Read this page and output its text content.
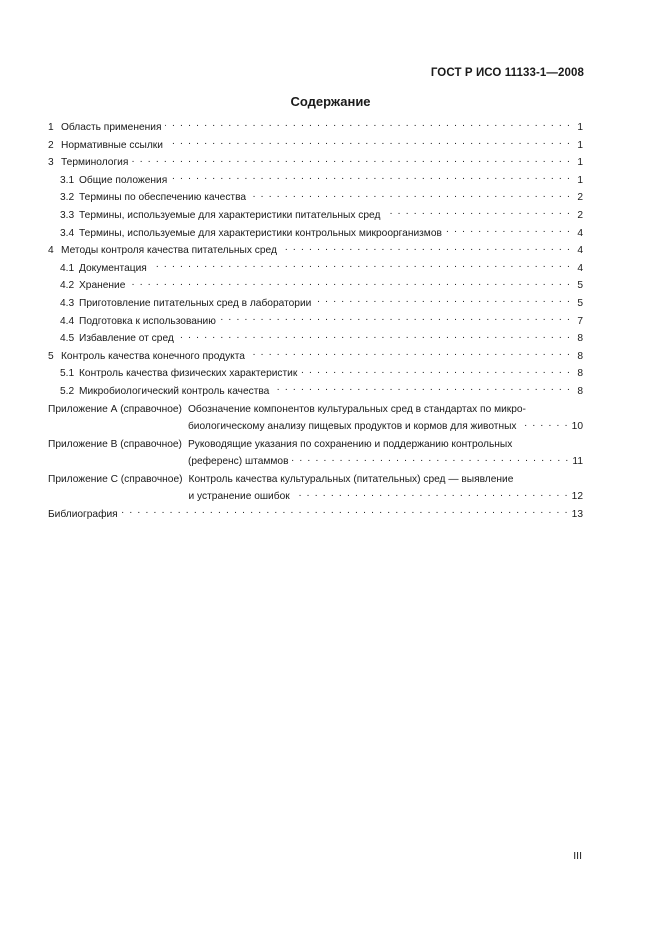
ГОСТ Р ИСО 11133-1—2008
Содержание
1 Область применения . . .	1
2 Нормативные ссылки . . .	1
3 Терминология . . .	1
3.1 Общие положения . . .	1
3.2 Термины по обеспечению качества . . .	2
3.3 Термины, используемые для характеристики питательных сред . . .	2
3.4 Термины, используемые для характеристики контрольных микроорганизмов . . .	4
4 Методы контроля качества питательных сред . . .	4
4.1 Документация . . .	4
4.2 Хранение . . .	5
4.3 Приготовление питательных сред в лаборатории . . .	5
4.4 Подготовка к использованию . . .	7
4.5 Избавление от сред . . .	8
5 Контроль качества конечного продукта . . .	8
5.1 Контроль качества физических характеристик . . .	8
5.2 Микробиологический контроль качества . . .	8
Приложение А (справочное) Обозначение компонентов культуральных сред в стандартах по микро-
биологическому анализу пищевых продуктов и кормов для животных . . .	10
Приложение В (справочное) Руководящие указания по сохранению и поддержанию контрольных
(референс) штаммов . . .	11
Приложение С (справочное) Контроль качества культуральных (питательных) сред — выявление
и устранение ошибок . . .	12
Библиография . . .	13
III
